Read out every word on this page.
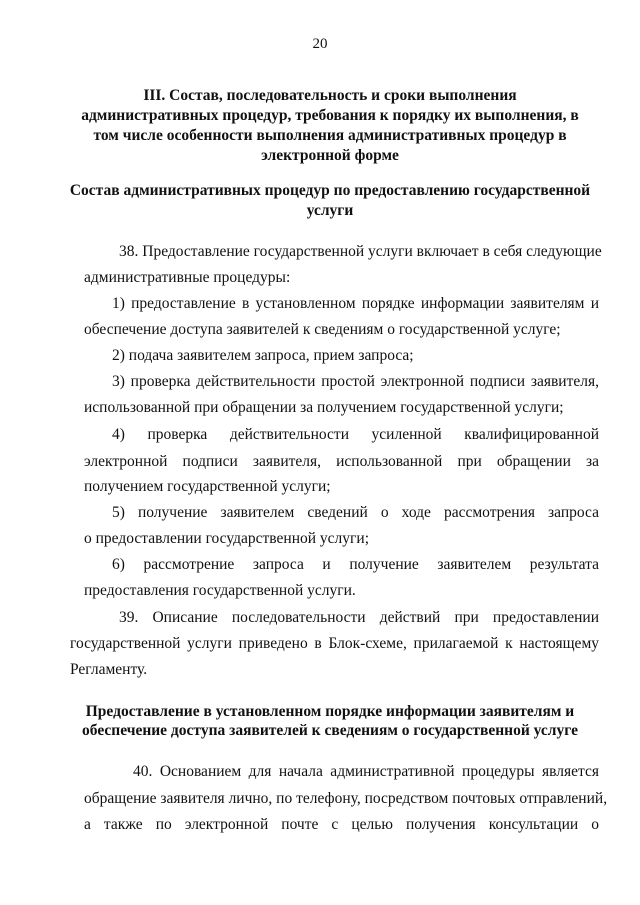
20
III. Состав, последовательность и сроки выполнения
административных процедур, требования к порядку их выполнения, в
том числе особенности выполнения административных процедур в
электронной форме
Состав административных процедур по предоставлению государственной
услуги
38. Предоставление государственной услуги включает в себя следующие
административные процедуры:
1) предоставление в установленном порядке информации заявителям и
обеспечение доступа заявителей к сведениям о государственной услуге;
2) подача заявителем запроса, прием запроса;
3) проверка действительности простой электронной подписи заявителя,
использованной при обращении за получением государственной услуги;
4) проверка действительности усиленной квалифицированной
электронной подписи заявителя, использованной при обращении за
получением государственной услуги;
5) получение заявителем сведений о ходе рассмотрения запроса
о предоставлении государственной услуги;
6) рассмотрение запроса и получение заявителем результата
предоставления государственной услуги.
39. Описание последовательности действий при предоставлении
государственной услуги приведено в Блок-схеме, прилагаемой к настоящему
Регламенту.
Предоставление в установленном порядке информации заявителям и
обеспечение доступа заявителей к сведениям о государственной услуге
40. Основанием для начала административной процедуры является
обращение заявителя лично, по телефону, посредством почтовых отправлений,
а также по электронной почте с целью получения консультации о
